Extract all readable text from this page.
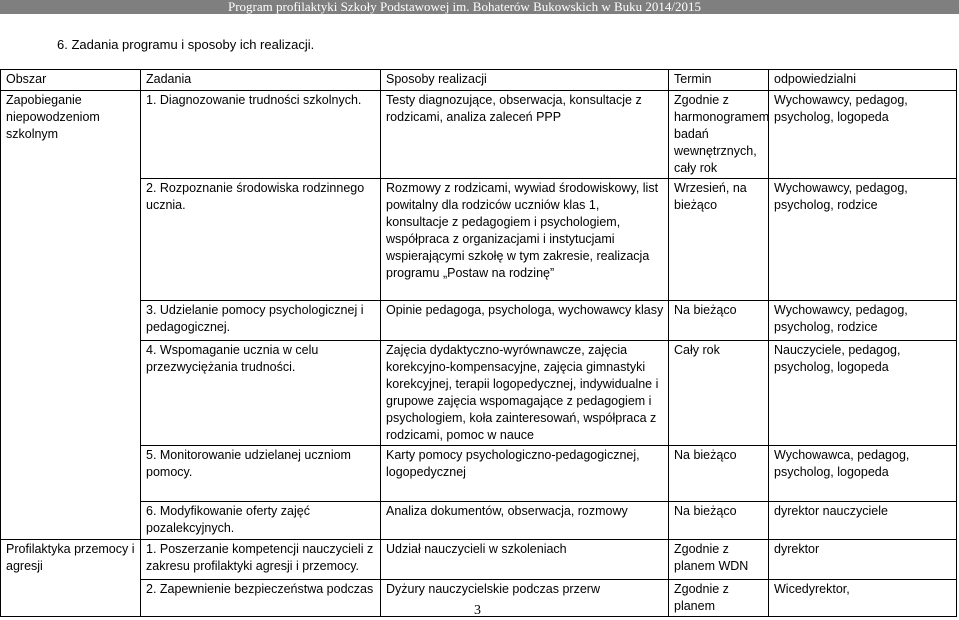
Program profilaktyki Szkoły Podstawowej im. Bohaterów Bukowskich w Buku 2014/2015
6. Zadania programu i sposoby ich realizacji.
Obszar	Zadania	Sposoby realizacji	Termin	odpowiedzialni
Zapobieganie niepowodzeniom szkolnym	1. Diagnozowanie trudności szkolnych.	Testy diagnozujące, obserwacja, konsultacje z rodzicami, analiza zaleceń PPP	Zgodnie z harmonogramem badań wewnętrznych, cały rok	Wychowawcy, pedagog, psycholog, logopeda
	2. Rozpoznanie środowiska rodzinnego ucznia.	Rozmowy z rodzicami, wywiad środowiskowy, list powitalny dla rodziców uczniów klas 1, konsultacje z pedagogiem i psychologiem, współpraca z organizacjami i instytucjami wspierającymi szkołę w tym zakresie, realizacja programu „Postaw na rodzinę”	Wrzesień, na bieżąco	Wychowawcy, pedagog, psycholog, rodzice
	3. Udzielanie pomocy psychologicznej i pedagogicznej.	Opinie pedagoga, psychologa, wychowawcy klasy	Na bieżąco	Wychowawcy, pedagog, psycholog, rodzice
	4. Wspomaganie ucznia w celu przezwyciężania trudności.	Zajęcia dydaktyczno-wyrównawcze, zajęcia korekcyjno-kompensacyjne, zajęcia gimnastyki korekcyjnej, terapii logopedycznej, indywidualne i grupowe zajęcia wspomagające z pedagogiem i psychologiem, koła zainteresowań, współpraca z rodzicami, pomoc w nauce	Cały rok	Nauczyciele, pedagog, psycholog, logopeda
	5. Monitorowanie udzielanej uczniom pomocy.	Karty pomocy psychologiczno-pedagogicznej, logopedycznej	Na bieżąco	Wychowawca, pedagog, psycholog, logopeda
	6. Modyfikowanie oferty zajęć pozalekcyjnych.	Analiza dokumentów, obserwacja, rozmowy	Na bieżąco	dyrektor nauczyciele
Profilaktyka przemocy i agresji	1. Poszerzanie kompetencji nauczycieli z zakresu profilaktyki agresji i przemocy.	Udział nauczycieli w szkoleniach	Zgodnie z planem WDN	dyrektor
	2. Zapewnienie bezpieczeństwa podczas	Dyżury nauczycielskie podczas przerw	Zgodnie z planem	Wicedyrektor,
3
